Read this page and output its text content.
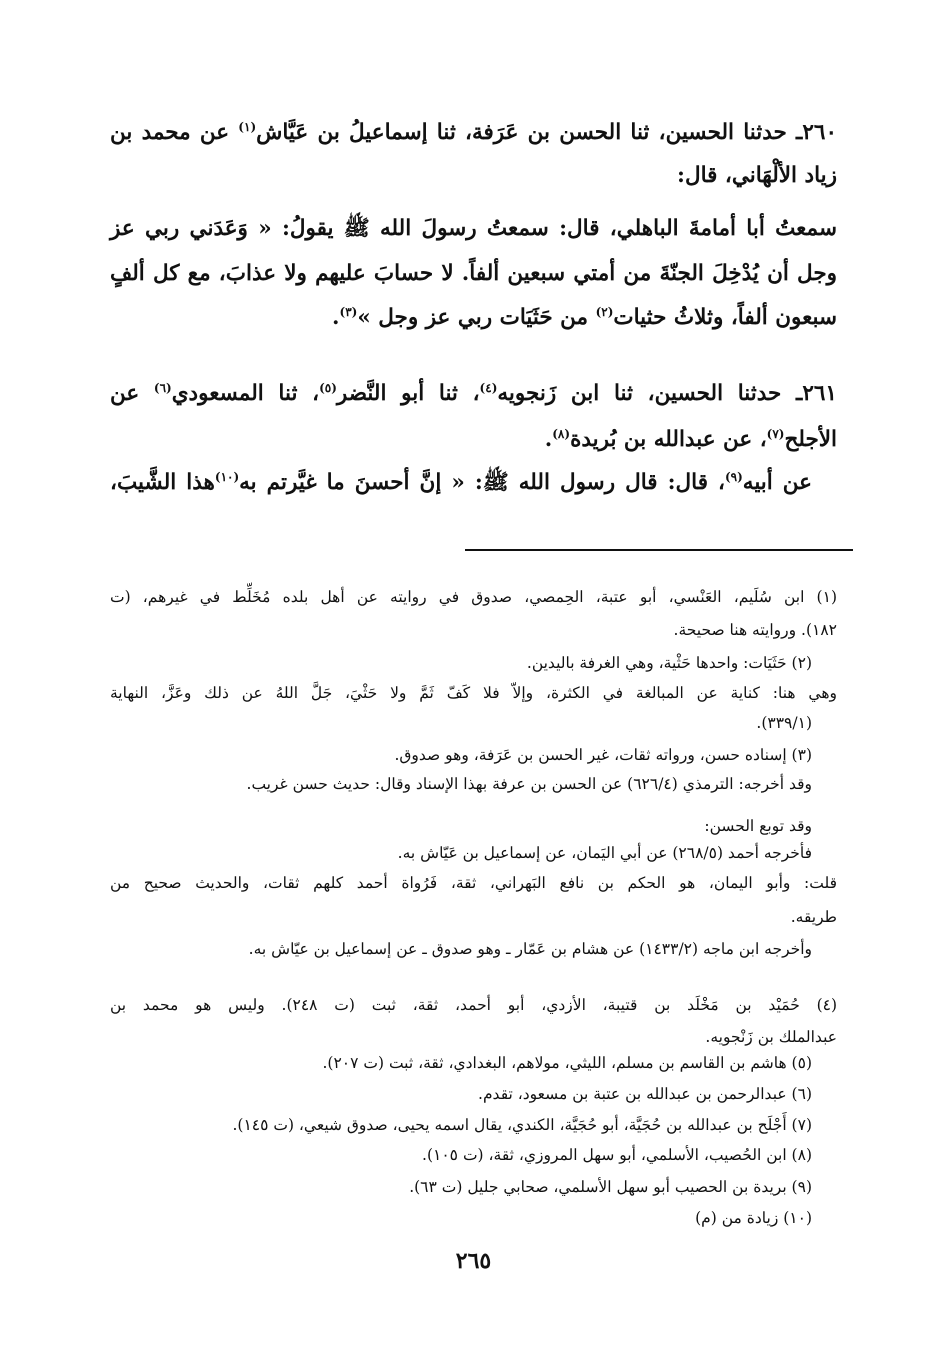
٢٦٠ـ حدثنا الحسين، ثنا الحسن بن عَرَفة، ثنا إسماعيلُ بن عَيَّاش$^{(١)}$ عن محمد بن
زياد الألْهَاني، قال:
سمعتُ أبا أمامةَ الباهلي، قال: سمعتُ رسولَ الله ﷺ يقولُ: « وَعَدَني ربي عز
وجل أن يُدْخِلَ الجنّةَ من أمتي سبعين ألفاً. لا حسابَ عليهم ولا عذابَ، مع كل ألفٍ
سبعون ألفاً، وثلاثُ حثيات$^{(٢)}$ من حَثَيَات ربي عز وجل »$^{(٣)}$.
٢٦١ـ حدثنا الحسين، ثنا ابن زَنجويه$^{(٤)}$، ثنا أبو النَّضر$^{(٥)}$، ثنا المسعودي$^{(٦)}$ عن
الأجلح$^{(٧)}$، عن عبدالله بن بُريدة$^{(٨)}$.
عن أبيه$^{(٩)}$، قال: قال رسول الله ﷺ: « إنَّ أحسنَ ما غيَّرتم به$^{(١٠)}$هذا الشَّيبَ،
(١) ابن سُلَيم، العَنْسي، أبو عتبة، الحِمصي، صدوق في روايته عن أهل بلده مُخَلِّط في غيرهم، (ت
١٨٢). وروايته هنا صحيحة.
(٢) حَثَيَات: واحدها حَثْية، وهي الغرفة باليدين.
وهي هنا: كناية عن المبالغة في الكثرة، وإلاّ فلا كَفّ ثَمَّ ولا حَثْيَ، جَلَّ اللهُ عن ذلك وعَزَّ، النهاية
(٣٣٩/١).
(٣) إسناده حسن، ورواته ثقات، غير الحسن بن عَرَفة، وهو صدوق.
وقد أخرجه: الترمذي (٦٢٦/٤) عن الحسن بن عرفة بهذا الإسناد وقال: حديث حسن غريب.
وقد توبع الحسن:
فأخرجه أحمد (٢٦٨/٥) عن أبي اليَمان، عن إسماعيل بن عَيّاش به.
قلت: وأبو اليمان، هو الحكم بن نافع البَهراني، ثقة، فَرُواة أحمد كلهم ثقات، والحديث صحيح من
طريقه.
وأخرجه ابن ماجه (١٤٣٣/٢) عن هشام بن عَمّار ـ وهو صدوق ـ عن إسماعيل بن عيّاش به.
(٤) حُمَيْد بن مَخْلَد بن قتيبة، الأزدي، أبو أحمد، ثقة، ثبت (ت ٢٤٨). وليس هو محمد بن
عبدالملك بن زَنْجويه.
(٥) هاشم بن القاسم بن مسلم، الليثي، مولاهم، البغدادي، ثقة، ثبت (ت ٢٠٧).
(٦) عبدالرحمن بن عبدالله بن عتبة بن مسعود، تقدم.
(٧) أَجْلَح بن عبدالله بن حُجَيَّة، أبو حُجَيَّة، الكندي، يقال اسمه يحيى، صدوق شيعي، (ت ١٤٥).
(٨) ابن الحُصيب، الأسلمي، أبو سهل المروزي، ثقة، (ت ١٠٥).
(٩) بريدة بن الحصيب أبو سهل الأسلمي، صحابي جليل (ت ٦٣).
(١٠) زيادة من (م)
٢٦٥
